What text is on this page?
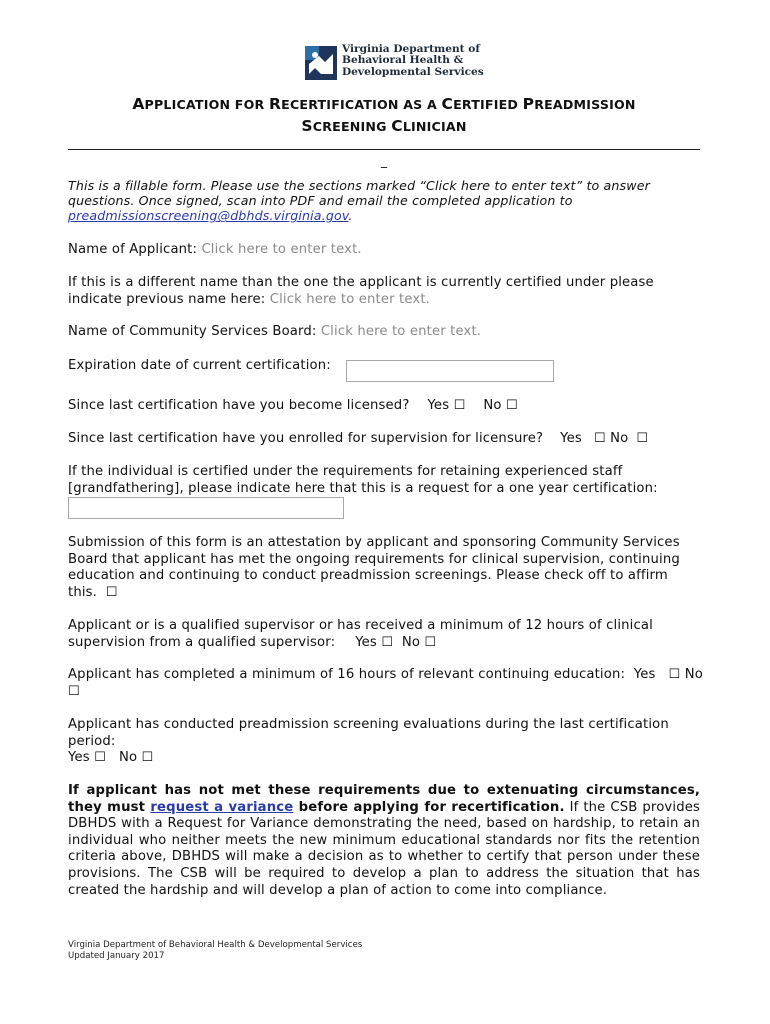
Virginia Department of
Behavioral Health &
Developmental Services
APPLICATION FOR RECERTIFICATION AS A CERTIFIED PREADMISSION
SCREENING CLINICIAN
_
This is a fillable form. Please use the sections marked “Click here to enter text” to answer questions. Once signed, scan into PDF and email the completed application to preadmissionscreening@dbhds.virginia.gov.
Name of Applicant: Click here to enter text.
If this is a different name than the one the applicant is currently certified under please indicate previous name here: Click here to enter text.
Name of Community Services Board: Click here to enter text.
Expiration date of current certification:
Since last certification have you become licensed? Yes ☐ No ☐
Since last certification have you enrolled for supervision for licensure? Yes ☐ No ☐
If the individual is certified under the requirements for retaining experienced staff [grandfathering], please indicate here that this is a request for a one year certification:
Submission of this form is an attestation by applicant and sponsoring Community Services Board that applicant has met the ongoing requirements for clinical supervision, continuing education and continuing to conduct preadmission screenings. Please check off to affirm this. ☐
Applicant or is a qualified supervisor or has received a minimum of 12 hours of clinical supervision from a qualified supervisor: Yes ☐ No ☐
Applicant has completed a minimum of 16 hours of relevant continuing education: Yes ☐ No☐
Applicant has conducted preadmission screening evaluations during the last certification period:
Yes ☐ No ☐
If applicant has not met these requirements due to extenuating circumstances, they must request a variance before applying for recertification. If the CSB provides DBHDS with a Request for Variance demonstrating the need, based on hardship, to retain an individual who neither meets the new minimum educational standards nor fits the retention criteria above, DBHDS will make a decision as to whether to certify that person under these provisions. The CSB will be required to develop a plan to address the situation that has created the hardship and will develop a plan of action to come into compliance.
Virginia Department of Behavioral Health & Developmental Services
Updated January 2017
